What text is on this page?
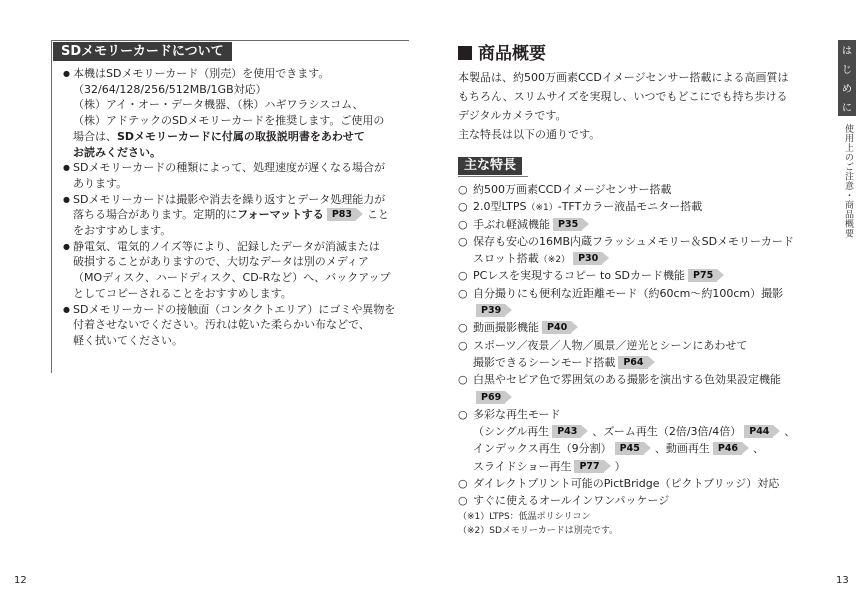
SDメモリーカードについて
● 本機はSDメモリーカード（別売）を使用できます。
（32/64/128/256/512MB/1GB対応）
（株）アイ・オー・データ機器、（株）ハギワラシスコム、
（株）アドテックのSDメモリーカードを推奨します。ご使用の
場合は、SDメモリーカードに付属の取扱説明書をあわせて
お読みください。
● SDメモリーカードの種類によって、処理速度が遅くなる場合が
あります。
● SDメモリーカードは撮影や消去を繰り返すとデータ処理能力が
落ちる場合があります。定期的にフォーマットする P83 こと
をおすすめします。
● 静電気、電気的ノイズ等により、記録したデータが消滅または
破損することがありますので、大切なデータは別のメディア
（MOディスク、ハードディスク、CD-Rなど）へ、バックアップ
としてコピーされることをおすすめします。
● SDメモリーカードの接触面（コンタクトエリア）にゴミや異物を
付着させないでください。汚れは乾いた柔らかい布などで、
軽く拭いてください。
商品概要
本製品は、約500万画素CCDイメージセンサー搭載による高画質は
もちろん、スリムサイズを実現し、いつでもどこにでも持ち歩ける
デジタルカメラです。
主な特長は以下の通りです。
主な特長
○ 約500万画素CCDイメージセンサー搭載
○ 2.0型LTPS（※1）-TFTカラー液晶モニター搭載
○ 手ぶれ軽減機能 P35
○ 保存も安心の16MB内蔵フラッシュメモリー＆SDメモリーカード
スロット搭載（※2） P30
○ PCレスを実現するコピー to SDカード機能 P75
○ 自分撮りにも便利な近距離モード（約60cm～約100cm）撮影
P39
○ 動画撮影機能 P40
○ スポーツ／夜景／人物／風景／逆光とシーンにあわせて
撮影できるシーンモード搭載 P64
○ 白黒やセピア色で雰囲気のある撮影を演出する色効果設定機能
P69
○ 多彩な再生モード
（シングル再生 P43 、ズーム再生（2倍/3倍/4倍） P44 、
インデックス再生（9分割） P45 、動画再生 P46 、
スライドショー再生 P77 ）
○ ダイレクトプリント可能のPictBridge（ピクトブリッジ）対応
○ すぐに使えるオールインワンパッケージ
（※1）LTPS：低温ポリシリコン
（※2）SDメモリーカードは別売です。
は
じ
め
に
使用上のご注意・商品概要
12	13
